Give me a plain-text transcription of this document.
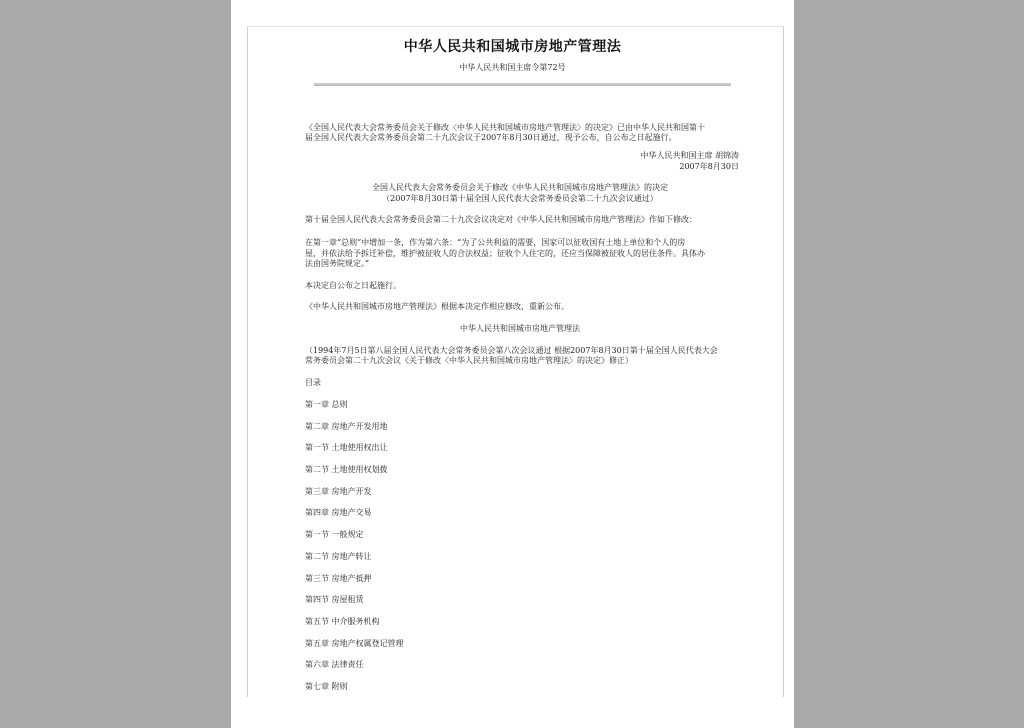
中华人民共和国城市房地产管理法
中华人民共和国主席令第72号
《全国人民代表大会常务委员会关于修改〈中华人民共和国城市房地产管理法〉的决定》已由中华人民共和国第十
届全国人民代表大会常务委员会第二十九次会议于2007年8月30日通过，现予公布，自公布之日起施行。
中华人民共和国主席 胡锦涛
2007年8月30日
全国人民代表大会常务委员会关于修改《中华人民共和国城市房地产管理法》的决定
（2007年8月30日第十届全国人民代表大会常务委员会第二十九次会议通过）
第十届全国人民代表大会常务委员会第二十九次会议决定对《中华人民共和国城市房地产管理法》作如下修改：
在第一章“总则”中增加一条，作为第六条：“为了公共利益的需要，国家可以征收国有土地上单位和个人的房
屋，并依法给予拆迁补偿，维护被征收人的合法权益；征收个人住宅的，还应当保障被征收人的居住条件。具体办
法由国务院规定。”
本决定自公布之日起施行。
《中华人民共和国城市房地产管理法》根据本决定作相应修改，重新公布。
中华人民共和国城市房地产管理法
（1994年7月5日第八届全国人民代表大会常务委员会第八次会议通过 根据2007年8月30日第十届全国人民代表大会
常务委员会第二十九次会议《关于修改〈中华人民共和国城市房地产管理法〉的决定》修正）
目录
第一章 总则
第二章 房地产开发用地
第一节 土地使用权出让
第二节 土地使用权划拨
第三章 房地产开发
第四章 房地产交易
第一节 一般规定
第二节 房地产转让
第三节 房地产抵押
第四节 房屋租赁
第五节 中介服务机构
第五章 房地产权属登记管理
第六章 法律责任
第七章 附则
